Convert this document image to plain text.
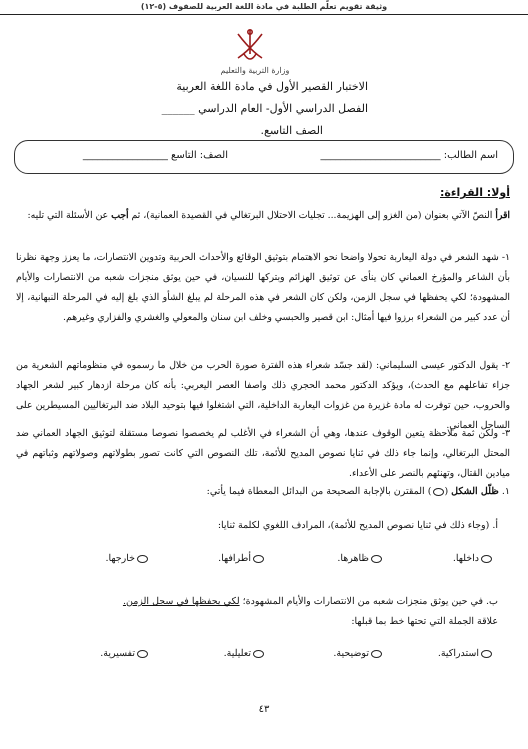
وثيقة تقويم تعلّم الطلبة في مادة اللغة العربية للصفوف (٥-١٢)
وزارة التربية والتعليم
الاختبار القصير الأول في مادة اللغة العربية
الفصل الدراسي الأول- العام الدراسي ______
الصف التاسع.
اسم الطالب: ________________________
الصف: التاسع _________________
أولا: القراءة:
اقرأ النصّ الآتي بعنوان (من الغزو إلى الهزيمة... تجليات الاحتلال البرتغالي في القصيدة العمانية)، ثم أجب عن الأسئلة التي تليه:
١- شهد الشعر في دولة اليعاربة تحولا واضحا نحو الاهتمام بتوثيق الوقائع والأحداث الحربية وتدوين الانتصارات، ما يعزز وجهة نظرنا بأن الشاعر والمؤرخ العماني كان ينأى عن توثيق الهزائم وبتركها للنسيان، في حين يوثق منجزات شعبه من الانتصارات والأيام المشهودة؛ لكي يحفظها في سجل الزمن، ولكن كان الشعر في هذه المرحلة لم يبلغ الشأو الذي بلغ إليه في المرحلة النبهانية، إلا أن عدد كبير من الشعراء برزوا فيها أمثال: ابن قصير والحبسي وخلف ابن سنان والمعولي والغشري والفزاري وغيرهم.
٢- يقول الدكتور عيسى السليماني: (لقد جسّد شعراء هذه الفترة صورة الحرب من خلال ما رسموه في منظوماتهم الشعرية من جزاء تفاعلهم مع الحدث)، ويؤكد الدكتور محمد الحجري ذلك واصفا العصر اليعربي: بأنه كان مرحلة ازدهار كبير لشعر الجهاد والحروب، حين توفرت له مادة غزيرة من غزوات اليعاربة الداخلية، التي اشتغلوا فيها بتوحيد البلاد ضد البرتغاليين المسيطرين على الساحل العماني.
٣- ولكن ثمة ملاحظة يتعين الوقوف عندها، وهي أن الشعراء في الأغلب لم يخصصوا نصوصا مستقلة لتوثيق الجهاد العماني ضد المحتل البرتغالي، وإنما جاء ذلك في ثنايا نصوص المديح للأئمة، تلك النصوص التي كانت تصور بطولاتهم وصولاتهم وثباتهم في ميادين القتال، وتهنئهم بالنصر على الأعداء.
١. ظلّل الشكل () المقترن بالإجابة الصحيحة من البدائل المعطاة فيما يأتي:
أ. (وجاء ذلك في ثنايا نصوص المديح للأئمة)، المرادف اللغوي لكلمة ثنايا:
داخلها.
ظاهرها.
أطرافها.
خارجها.
ب. في حين يوثق منجزات شعبه من الانتصارات والأيام المشهودة؛ لكي يحفظها في سجل الزمن.
علاقة الجملة التي تحتها خط بما قبلها:
استدراكية.
توضيحية.
تعليلية.
تفسيرية.
٤٣
